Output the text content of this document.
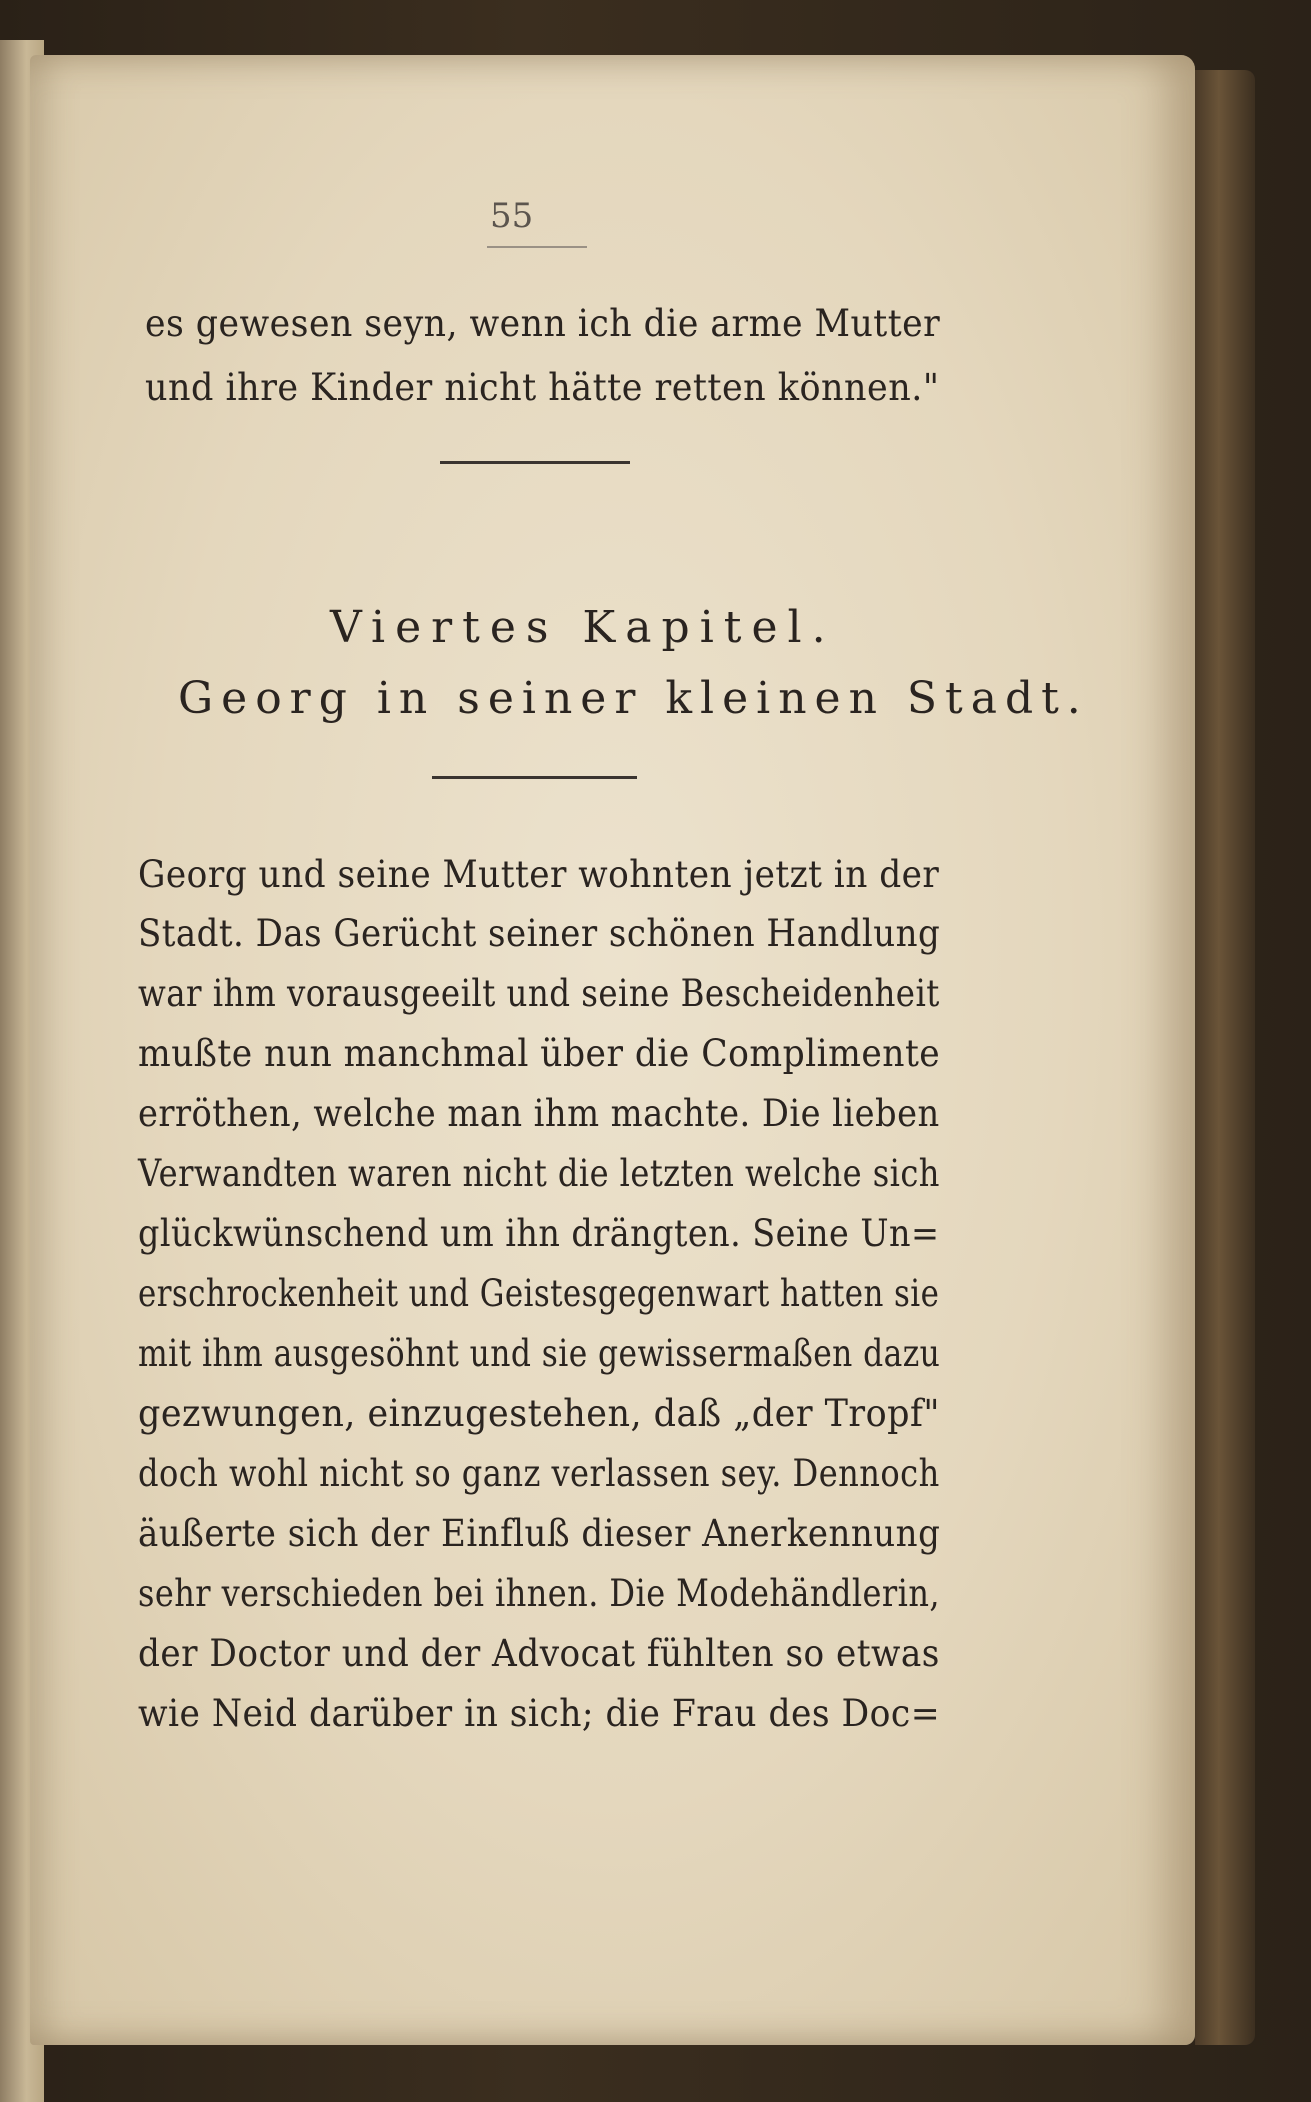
55
es gewesen seyn, wenn ich die arme Mutter
und ihre Kinder nicht hätte retten können."
Viertes Kapitel.
Georg in seiner kleinen Stadt.
Georg und seine Mutter wohnten jetzt in der
Stadt. Das Gerücht seiner schönen Handlung
war ihm vorausgeeilt und seine Bescheidenheit
mußte nun manchmal über die Complimente
erröthen, welche man ihm machte. Die lieben
Verwandten waren nicht die letzten welche sich
glückwünschend um ihn drängten. Seine Un=
erschrockenheit und Geistesgegenwart hatten sie
mit ihm ausgesöhnt und sie gewissermaßen dazu
gezwungen, einzugestehen, daß „der Tropf"
doch wohl nicht so ganz verlassen sey. Dennoch
äußerte sich der Einfluß dieser Anerkennung
sehr verschieden bei ihnen. Die Modehändlerin,
der Doctor und der Advocat fühlten so etwas
wie Neid darüber in sich; die Frau des Doc=
